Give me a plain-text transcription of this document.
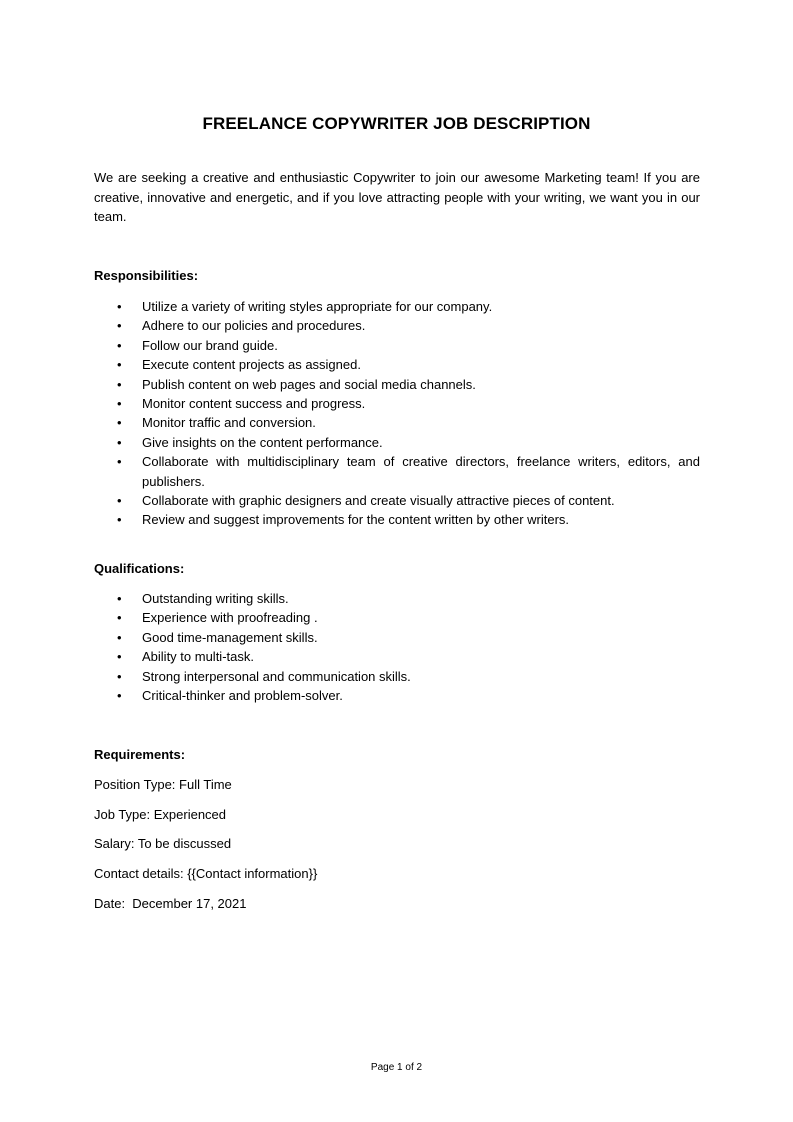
FREELANCE COPYWRITER JOB DESCRIPTION

We are seeking a creative and enthusiastic Copywriter to join our awesome Marketing team! If you are creative, innovative and energetic, and if you love attracting people with your writing, we want you in our team.

Responsibilities:

• Utilize a variety of writing styles appropriate for our company.
• Adhere to our policies and procedures.
• Follow our brand guide.
• Execute content projects as assigned.
• Publish content on web pages and social media channels.
• Monitor content success and progress.
• Monitor traffic and conversion.
• Give insights on the content performance.
• Collaborate with multidisciplinary team of creative directors, freelance writers, editors, and publishers.
• Collaborate with graphic designers and create visually attractive pieces of content.
• Review and suggest improvements for the content written by other writers.

Qualifications:

• Outstanding writing skills.
• Experience with proofreading .
• Good time-management skills.
• Ability to multi-task.
• Strong interpersonal and communication skills.
• Critical-thinker and problem-solver.

Requirements:

Position Type: Full Time

Job Type: Experienced

Salary: To be discussed

Contact details: {{Contact information}}

Date:  December 17, 2021

Page 1 of 2
